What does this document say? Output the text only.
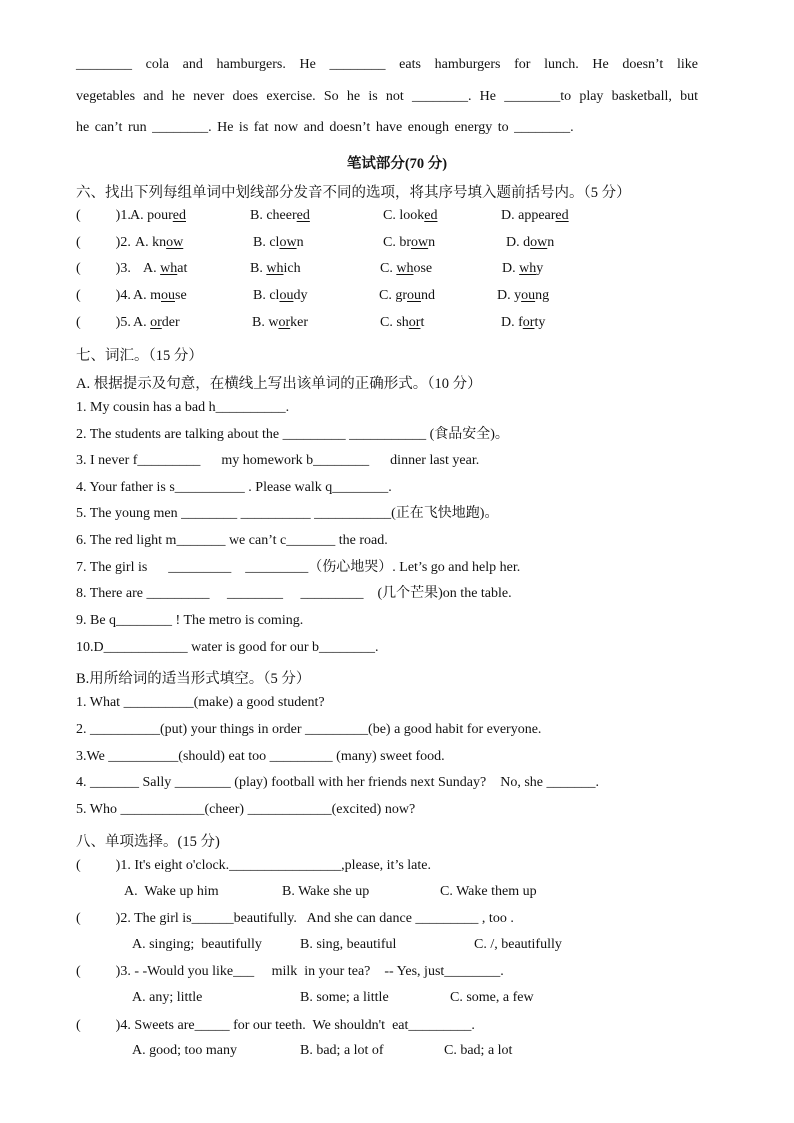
________ cola and hamburgers. He ________ eats hamburgers for lunch. He doesn’t like
vegetables and he never does exercise. So he is not ________. He ________to play basketball, but
he can’t run ________. He is fat now and doesn’t have enough energy to ________.
笔试部分(70 分)
六、找出下列每组单词中划线部分发音不同的选项，将其序号填入题前括号内。（5 分）
(          )1. A. poured	B. cheered	C. looked	D. appeared
(          )2. A. know	B. clown	C. brown	D. down
(          )3. A. what	B. which	C. whose	D. why
(          )4. A. mouse	B. cloudy	C. ground	D. young
(          )5. A. order	B. worker	C. short	D. forty
七、词汇。（15 分）
A. 根据提示及句意，在横线上写出该单词的正确形式。（10 分）
1. My cousin has a bad h__________.
2. The students are talking about the _________ ___________ (食品安全)。
3. I never f_________      my homework b________      dinner last year.
4. Your father is s__________ . Please walk q________.
5. The young men ________ __________ ___________(正在飞快地跑)。
6. The red light m_______ we can’t c_______ the road.
7. The girl is      _________    _________（伤心地哭）. Let’s go and help her.
8. There are _________     ________     _________    (几个芒果)on the table.
9. Be q________ ! The metro is coming.
10.D____________ water is good for our b________.
B.用所给词的适当形式填空。（5 分）
1. What __________(make) a good student?
2. __________(put) your things in order _________(be) a good habit for everyone.
3.We __________(should) eat too _________ (many) sweet food.
4. _______ Sally ________ (play) football with her friends next Sunday?    No, she _______.
5. Who ____________(cheer) ____________(excited) now?
八、单项选择。(15 分)
(          )1. It's eight o'clock.________________,please, it’s late.
A.  Wake up him	B. Wake she up	C. Wake them up
(          )2. The girl is______beautifully.   And she can dance _________ , too .
A. singing;  beautifully	B. sing, beautiful	C. /, beautifully
(          )3. - -Would you like___     milk  in your tea?    -- Yes, just________.
A. any; little	B. some; a little	C. some, a few
(          )4. Sweets are_____ for our teeth.  We shouldn't  eat_________.
A. good; too many	B. bad; a lot of	C. bad; a lot
